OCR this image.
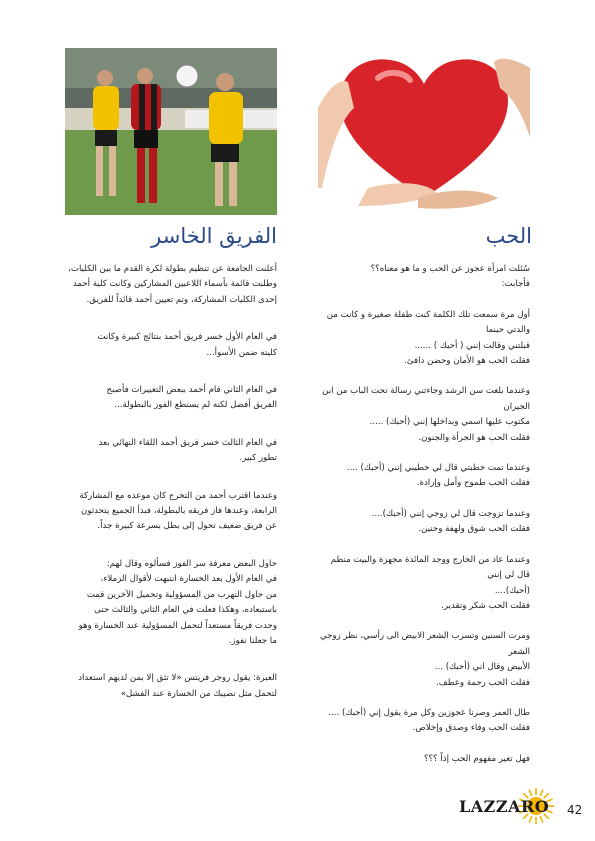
الفريق الخاسر	الحب

أعلنت الجامعة عن تنظيم بطولة لكرة القدم ما بين الكليات،

وطلبت قائمة بأسماء اللاعبين المشاركين وكانت كلية أحمد

إحدى الكليات المشاركة، وتم تعيين أحمد قائداً للفريق.

في العام الأول خسر فريق أحمد بنتائج كبيرة وكانت

كليته ضمن الأسوأ...

في العام الثاني قام أحمد ببعض التغييرات فأصبح

الفريق أفضل لكنه لم يستطع الفوز بالبطولة...

في العام الثالث خسر فريق أحمد اللقاء النهائي بعد

تطور كبير.

وعندما اقترب أحمد من التخرج كان موعده مع المشاركة

الرابعة، وعندها فاز فريقه بالبطولة، فبدأ الجميع يتحدثون

عن فريق ضعيف تحول إلى بطل بسرعة كبيرة جداً.

حاول البعض معرفة سر الفوز فسألوه وقال لهم:

في العام الأول بعد الخسارة انتبهت لأقوال الزملاء،

من حاول التهرب من المسؤولية وتحميل الآخرين قمت

باستبعاده، وهكذا فعلت في العام الثاني والثالث حتى

وجدت فريقاً مستعداً لتحمل المسؤولية عند الخسارة وهو

ما جعلنا نفوز.

العبرة: يقول روجر فريتس «لا تثق إلا بمن لديهم استعداد

لتحمل مثل نصيبك من الخسارة عند الفشل»

سُئلت امرأة عجوز عن الحب و ما هو معناه؟؟

فأجابت:

أول مرة سمعت تلك الكلمة كنت طفلة صغيرة و كانت من والدتي حينما

قبلتني وقالت إنني ( أحبك ) ......

فقلت الحب هو الأمان وحضن دافئ.

وعندما بلغت سن الرشد وجاءتني رسالة تحت الباب من ابن الجيران

مكتوب عليها اسمي وبداخلها إنني (أحبك) .....

فقلت الحب هو الجرأة والجنون.

وعندما تمت خطبتي قال لي خطيبي إنني (أحبك) ....

فقلت الحب طموح وأمل وإرادة.

وعندما تزوجت قال لي زوجي إنني (أحبك)....

فقلت الحب شوق ولهفة وحنين.

وعندما عاد من الخارج ووجد المائدة مجهزة والبيت منظم قال لي إنني

(أحبك)....

فقلت الحب شكر وتقدير.

ومرت السنين وتسرب الشعر الابيض الى رأسي، نظر زوجي الشعر

الأبيض وقال اني (أحبك) ...

فقلت الحب رحمة وعطف.

طال العمر وصرنا عجوزين وكل مرة يقول إني (أحبك) ....

فقلت الحب وفاء وصدق وإخلاص.

فهل تغير مفهوم الحب إذاً ؟؟؟

LAZZARO 42
